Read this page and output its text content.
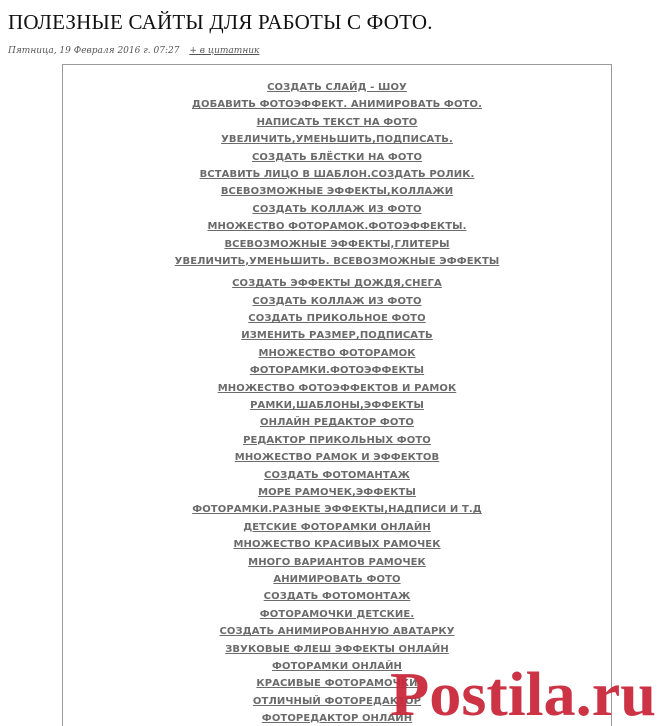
ПОЛЕЗНЫЕ САЙТЫ ДЛЯ РАБОТЫ С ФОТО.
Пятница, 19 Февраля 2016 г. 07:27 + в цитатник
СОЗДАТЬ СЛАЙД - ШОУ
ДОБАВИТЬ ФОТОЭФФЕКТ. АНИМИРОВАТЬ ФОТО.
НАПИСАТЬ ТЕКСТ НА ФОТО
УВЕЛИЧИТЬ,УМЕНЬШИТЬ,ПОДПИСАТЬ.
СОЗДАТЬ БЛЁСТКИ НА ФОТО
ВСТАВИТЬ ЛИЦО В ШАБЛОН.СОЗДАТЬ РОЛИК.
ВСЕВОЗМОЖНЫЕ ЭФФЕКТЫ,КОЛЛАЖИ
СОЗДАТЬ КОЛЛАЖ ИЗ ФОТО
МНОЖЕСТВО ФОТОРАМОК.ФОТОЭФФЕКТЫ.
ВСЕВОЗМОЖНЫЕ ЭФФЕКТЫ,ГЛИТЕРЫ
УВЕЛИЧИТЬ,УМЕНЬШИТЬ. ВСЕВОЗМОЖНЫЕ ЭФФЕКТЫ
СОЗДАТЬ ЭФФЕКТЫ ДОЖДЯ,СНЕГА
СОЗДАТЬ КОЛЛАЖ ИЗ ФОТО
СОЗДАТЬ ПРИКОЛЬНОЕ ФОТО
ИЗМЕНИТЬ РАЗМЕР,ПОДПИСАТЬ
МНОЖЕСТВО ФОТОРАМОК
ФОТОРАМКИ.ФОТОЭФФЕКТЫ
МНОЖЕСТВО ФОТОЭФФЕКТОВ И РАМОК
РАМКИ,ШАБЛОНЫ,ЭФФЕКТЫ
ОНЛАЙН РЕДАКТОР ФОТО
РЕДАКТОР ПРИКОЛЬНЫХ ФОТО
МНОЖЕСТВО РАМОК И ЭФФЕКТОВ
СОЗДАТЬ ФОТОМАНТАЖ
МОРЕ РАМОЧЕК,ЭФФЕКТЫ
ФОТОРАМКИ.РАЗНЫЕ ЭФФЕКТЫ,НАДПИСИ И Т.Д
ДЕТСКИЕ ФОТОРАМКИ ОНЛАЙН
МНОЖЕСТВО КРАСИВЫХ РАМОЧЕК
МНОГО ВАРИАНТОВ РАМОЧЕК
АНИМИРОВАТЬ ФОТО
СОЗДАТЬ ФОТОМОНТАЖ
ФОТОРАМОЧКИ ДЕТСКИЕ.
СОЗДАТЬ АНИМИРОВАННУЮ АВАТАРКУ
ЗВУКОВЫЕ ФЛЕШ ЭФФЕКТЫ ОНЛАЙН
ФОТОРАМКИ ОНЛАЙН
КРАСИВЫЕ ФОТОРАМОЧКИ
ОТЛИЧНЫЙ ФОТОРЕДАКТОР
ФОТОРЕДАКТОР ОНЛАЙН
Postila.ru
